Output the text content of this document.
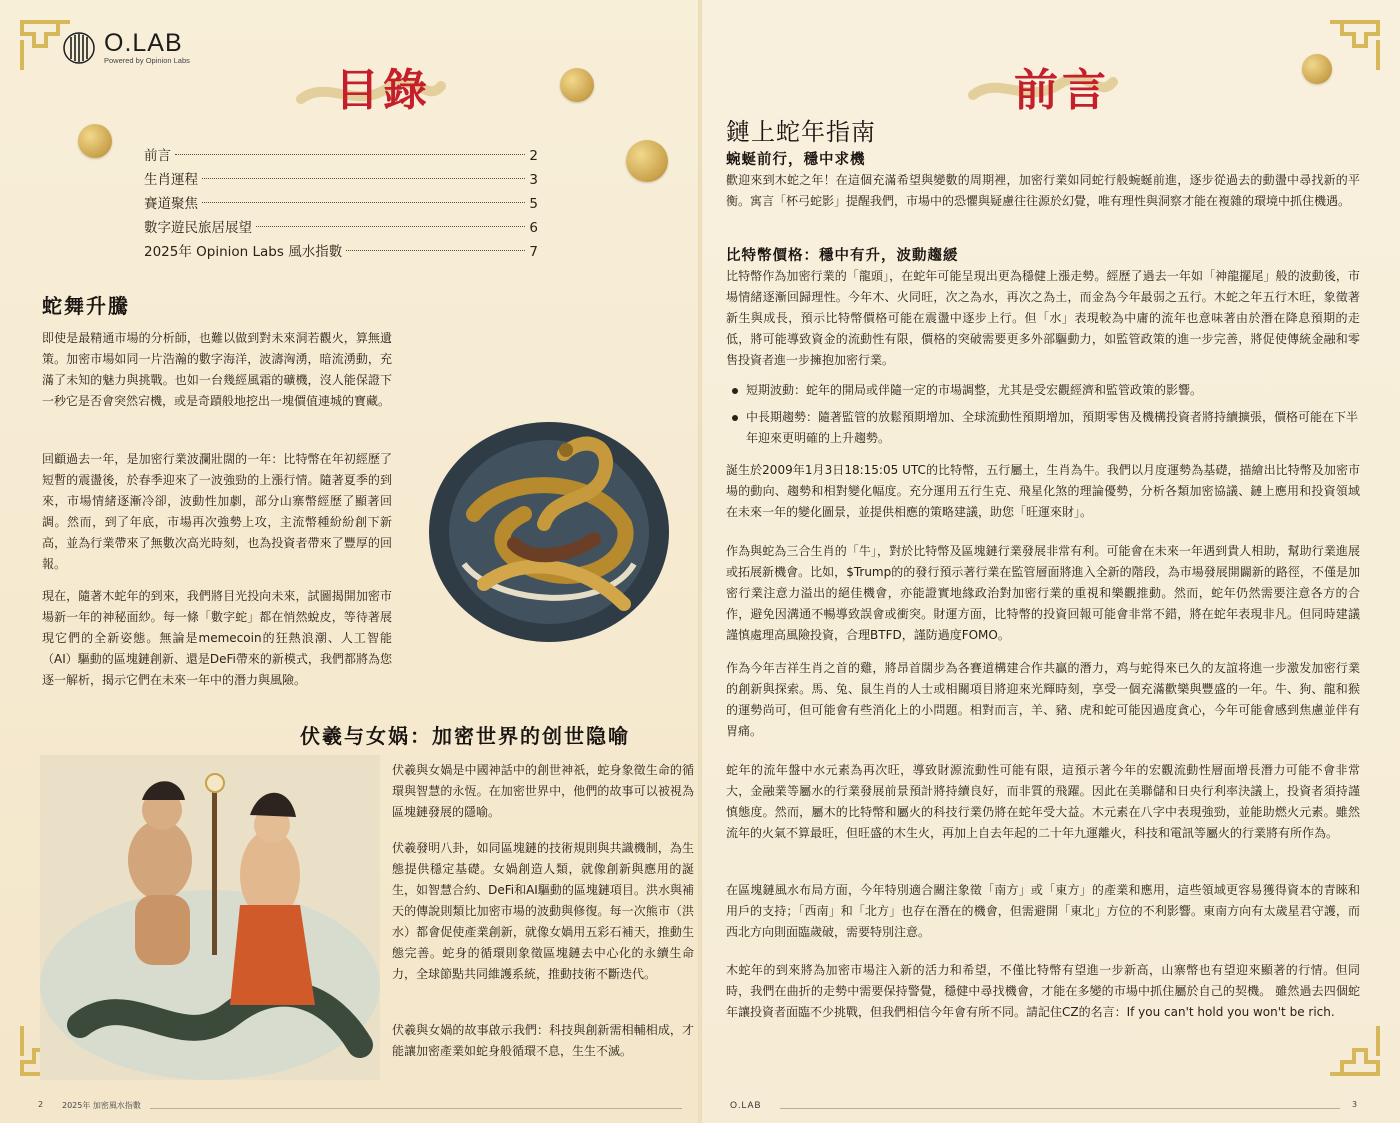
O.LAB
Powered by Opinion Labs
目錄
前言	2
生肖運程	3
賽道聚焦	5
數字遊民旅居展望	6
2025年 Opinion Labs 風水指數	7
蛇舞升騰

即使是最精通市場的分析師，也難以做到對未來洞若觀火，算無遺策。加密市場如同一片浩瀚的數字海洋，波濤洶湧，暗流湧動，充滿了未知的魅力與挑戰。也如一台幾經風霜的礦機，沒人能保證下一秒它是否會突然宕機，或是奇蹟般地挖出一塊價值連城的寶藏。

回顧過去一年，是加密行業波瀾壯闊的一年：比特幣在年初經歷了短暫的震盪後，於春季迎來了一波強勁的上漲行情。隨著夏季的到來，市場情緒逐漸冷卻，波動性加劇，部分山寨幣經歷了顯著回調。然而，到了年底，市場再次強勢上攻，主流幣種紛紛創下新高，並為行業帶來了無數次高光時刻，也為投資者帶來了豐厚的回報。

現在，隨著木蛇年的到來，我們將目光投向未來，試圖揭開加密市場新一年的神秘面紗。每一條「數字蛇」都在悄然蛻皮，等待著展現它們的全新姿態。無論是memecoin的狂熱浪潮、人工智能（AI）驅動的區塊鏈創新、還是DeFi帶來的新模式，我們都將為您逐一解析，揭示它們在未來一年中的潛力與風險。

伏羲与女娲：加密世界的创世隐喻

伏羲與女媧是中國神話中的創世神祇，蛇身象徵生命的循環與智慧的永恆。在加密世界中，他們的故事可以被視為區塊鏈發展的隱喻。

伏羲發明八卦，如同區塊鏈的技術規則與共識機制，為生態提供穩定基礎。女媧創造人類，就像創新與應用的誕生，如智慧合約、DeFi和AI驅動的區塊鏈項目。洪水與補天的傳說則類比加密市場的波動與修復。每一次熊市（洪水）都會促使產業創新，就像女媧用五彩石補天，推動生態完善。蛇身的循環則象徵區塊鏈去中心化的永續生命力，全球節點共同維護系統，推動技術不斷迭代。

伏羲與女媧的故事啟示我們：科技與創新需相輔相成，才能讓加密產業如蛇身般循環不息，生生不滅。

前言
鏈上蛇年指南
蜿蜒前行，穩中求機

歡迎來到木蛇之年！在這個充滿希望與變數的周期裡，加密行業如同蛇行般蜿蜒前進，逐步從過去的動盪中尋找新的平衡。寓言「杯弓蛇影」提醒我們，市場中的恐懼與疑慮往往源於幻覺，唯有理性與洞察才能在複雜的環境中抓住機遇。

比特幣價格：穩中有升，波動趨緩

比特幣作為加密行業的「龍頭」，在蛇年可能呈現出更為穩健上漲走勢。經歷了過去一年如「神龍擺尾」般的波動後，市場情緒逐漸回歸理性。今年木、火同旺，次之為水，再次之為土，而金為今年最弱之五行。木蛇之年五行木旺，象徵著新生與成長，預示比特幣價格可能在震盪中逐步上行。但「水」表現較為中庸的流年也意味著由於潛在降息預期的走低，將可能導致資金的流動性有限，價格的突破需要更多外部驅動力，如監管政策的進一步完善，將促使傳統金融和零售投資者進一步擁抱加密行業。

短期波動：蛇年的開局或伴隨一定的市場調整，尤其是受宏觀經濟和監管政策的影響。
中長期趨勢：隨著監管的放鬆預期增加、全球流動性預期增加，預期零售及機構投資者將持續擴張，價格可能在下半年迎來更明確的上升趨勢。

誕生於2009年1月3日18:15:05 UTC的比特幣，五行屬土，生肖為牛。我們以月度運勢為基礎，描繪出比特幣及加密市場的動向、趨勢和相對變化幅度。充分運用五行生克、飛星化煞的理論優勢，分析各類加密協議、鏈上應用和投資領域在未來一年的變化圖景，並提供相應的策略建議，助您「旺運來財」。

作為與蛇為三合生肖的「牛」，對於比特幣及區塊鏈行業發展非常有利。可能會在未來一年遇到貴人相助，幫助行業進展或拓展新機會。比如，$Trump的的發行預示著行業在監管層面將進入全新的階段，為市場發展開闢新的路徑，不僅是加密行業注意力溢出的絕佳機會，亦能證實地緣政治對加密行業的重視和樂觀推動。然而，蛇年仍然需要注意各方的合作，避免因溝通不暢導致誤會或衝突。財運方面，比特幣的投資回報可能會非常不錯，將在蛇年表現非凡。但同時建議謹慎處理高風險投資，合理BTFD，謹防過度FOMO。

作為今年吉祥生肖之首的雞，將昂首闊步為各賽道構建合作共贏的潛力，鸡与蛇得來已久的友誼将進一步激发加密行業的創新與探索。馬、兔、鼠生肖的人士或相關項目將迎來光輝時刻，享受一個充滿歡樂與豐盛的一年。牛、狗、龍和猴的運勢尚可，但可能會有些消化上的小問題。相對而言，羊、豬、虎和蛇可能因過度貪心，今年可能會感到焦慮並伴有胃痛。

蛇年的流年盤中水元素為再次旺，導致財源流動性可能有限，這預示著今年的宏觀流動性層面增長潛力可能不會非常大，金融業等屬水的行業發展前景預計將持續良好，而非質的飛躍。因此在美聯儲和日央行利率決議上，投資者須持謹慎態度。然而，屬木的比特幣和屬火的科技行業仍將在蛇年受大益。木元素在八字中表現強勁，並能助燃火元素。雖然流年的火氣不算最旺，但旺盛的木生火，再加上自去年起的二十年九運離火，科技和電訊等屬火的行業將有所作為。

在區塊鏈風水布局方面，今年特別適合關注象徵「南方」或「東方」的產業和應用，這些領域更容易獲得資本的青睞和用戶的支持；「西南」和「北方」也存在潛在的機會，但需避開「東北」方位的不利影響。東南方向有太歲星君守護，而西北方向則面臨歲破，需要特別注意。

木蛇年的到來將為加密市場注入新的活力和希望，不僅比特幣有望進一步新高，山寨幣也有望迎來顯著的行情。但同時，我們在曲折的走勢中需要保持警覺，穩健中尋找機會，才能在多變的市場中抓住屬於自己的契機。 雖然過去四個蛇年讓投資者面臨不少挑戰，但我們相信今年會有所不同。請記住CZ的名言：If you can't hold you won't be rich.

2 2025年 加密風水指數	O.LAB	3
